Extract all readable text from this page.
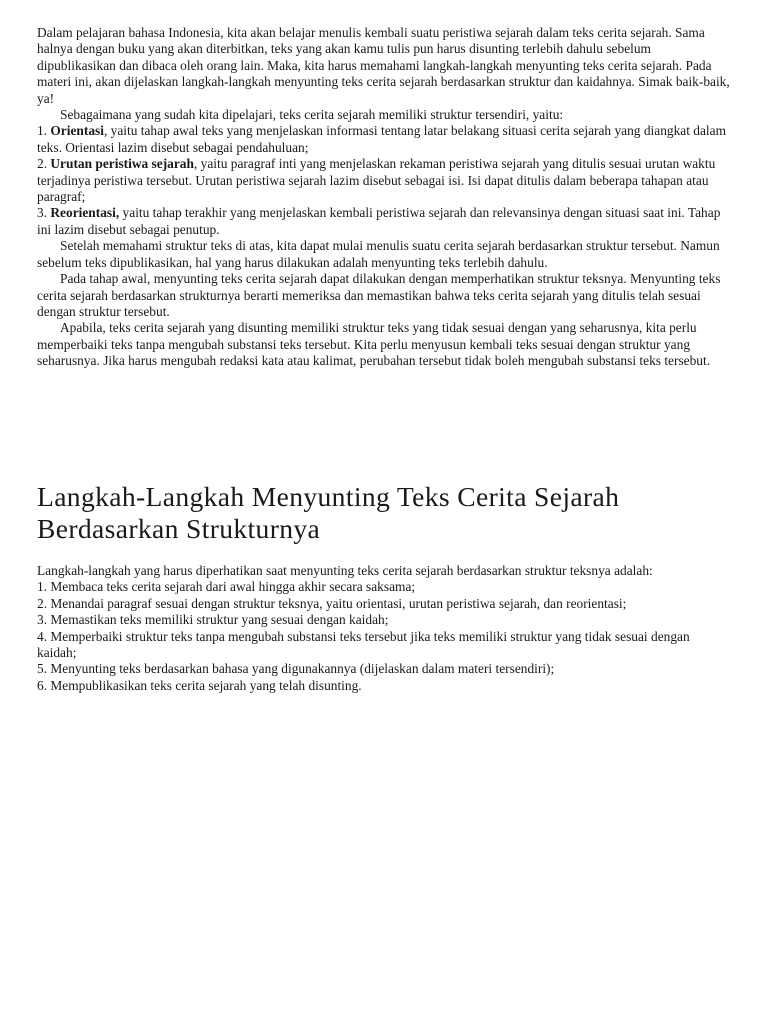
Dalam pelajaran bahasa Indonesia, kita akan belajar menulis kembali suatu peristiwa sejarah dalam teks cerita sejarah. Sama halnya dengan buku yang akan diterbitkan, teks yang akan kamu tulis pun harus disunting terlebih dahulu sebelum dipublikasikan dan dibaca oleh orang lain. Maka, kita harus memahami langkah-langkah menyunting teks cerita sejarah. Pada materi ini, akan dijelaskan langkah-langkah menyunting teks cerita sejarah berdasarkan struktur dan kaidahnya. Simak baik-baik, ya!

Sebagaimana yang sudah kita dipelajari, teks cerita sejarah memiliki struktur tersendiri, yaitu:

1. Orientasi, yaitu tahap awal teks yang menjelaskan informasi tentang latar belakang situasi cerita sejarah yang diangkat dalam teks. Orientasi lazim disebut sebagai pendahuluan;

2. Urutan peristiwa sejarah, yaitu paragraf inti yang menjelaskan rekaman peristiwa sejarah yang ditulis sesuai urutan waktu terjadinya peristiwa tersebut. Urutan peristiwa sejarah lazim disebut sebagai isi. Isi dapat ditulis dalam beberapa tahapan atau paragraf;

3. Reorientasi, yaitu tahap terakhir yang menjelaskan kembali peristiwa sejarah dan relevansinya dengan situasi saat ini. Tahap ini lazim disebut sebagai penutup.

Setelah memahami struktur teks di atas, kita dapat mulai menulis suatu cerita sejarah berdasarkan struktur tersebut. Namun sebelum teks dipublikasikan, hal yang harus dilakukan adalah menyunting teks terlebih dahulu.

Pada tahap awal, menyunting teks cerita sejarah dapat dilakukan dengan memperhatikan struktur teksnya. Menyunting teks cerita sejarah berdasarkan strukturnya berarti memeriksa dan memastikan bahwa teks cerita sejarah yang ditulis telah sesuai dengan struktur tersebut.

Apabila, teks cerita sejarah yang disunting memiliki struktur teks yang tidak sesuai dengan yang seharusnya, kita perlu memperbaiki teks tanpa mengubah substansi teks tersebut. Kita perlu menyusun kembali teks sesuai dengan struktur yang seharusnya. Jika harus mengubah redaksi kata atau kalimat, perubahan tersebut tidak boleh mengubah substansi teks tersebut.

Langkah-Langkah Menyunting Teks Cerita Sejarah Berdasarkan Strukturnya

Langkah-langkah yang harus diperhatikan saat menyunting teks cerita sejarah berdasarkan struktur teksnya adalah:

1. Membaca teks cerita sejarah dari awal hingga akhir secara saksama;

2. Menandai paragraf sesuai dengan struktur teksnya, yaitu orientasi, urutan peristiwa sejarah, dan reorientasi;

3. Memastikan teks memiliki struktur yang sesuai dengan kaidah;

4. Memperbaiki struktur teks tanpa mengubah substansi teks tersebut jika teks memiliki struktur yang tidak sesuai dengan kaidah;

5. Menyunting teks berdasarkan bahasa yang digunakannya (dijelaskan dalam materi tersendiri);

6. Mempublikasikan teks cerita sejarah yang telah disunting.
